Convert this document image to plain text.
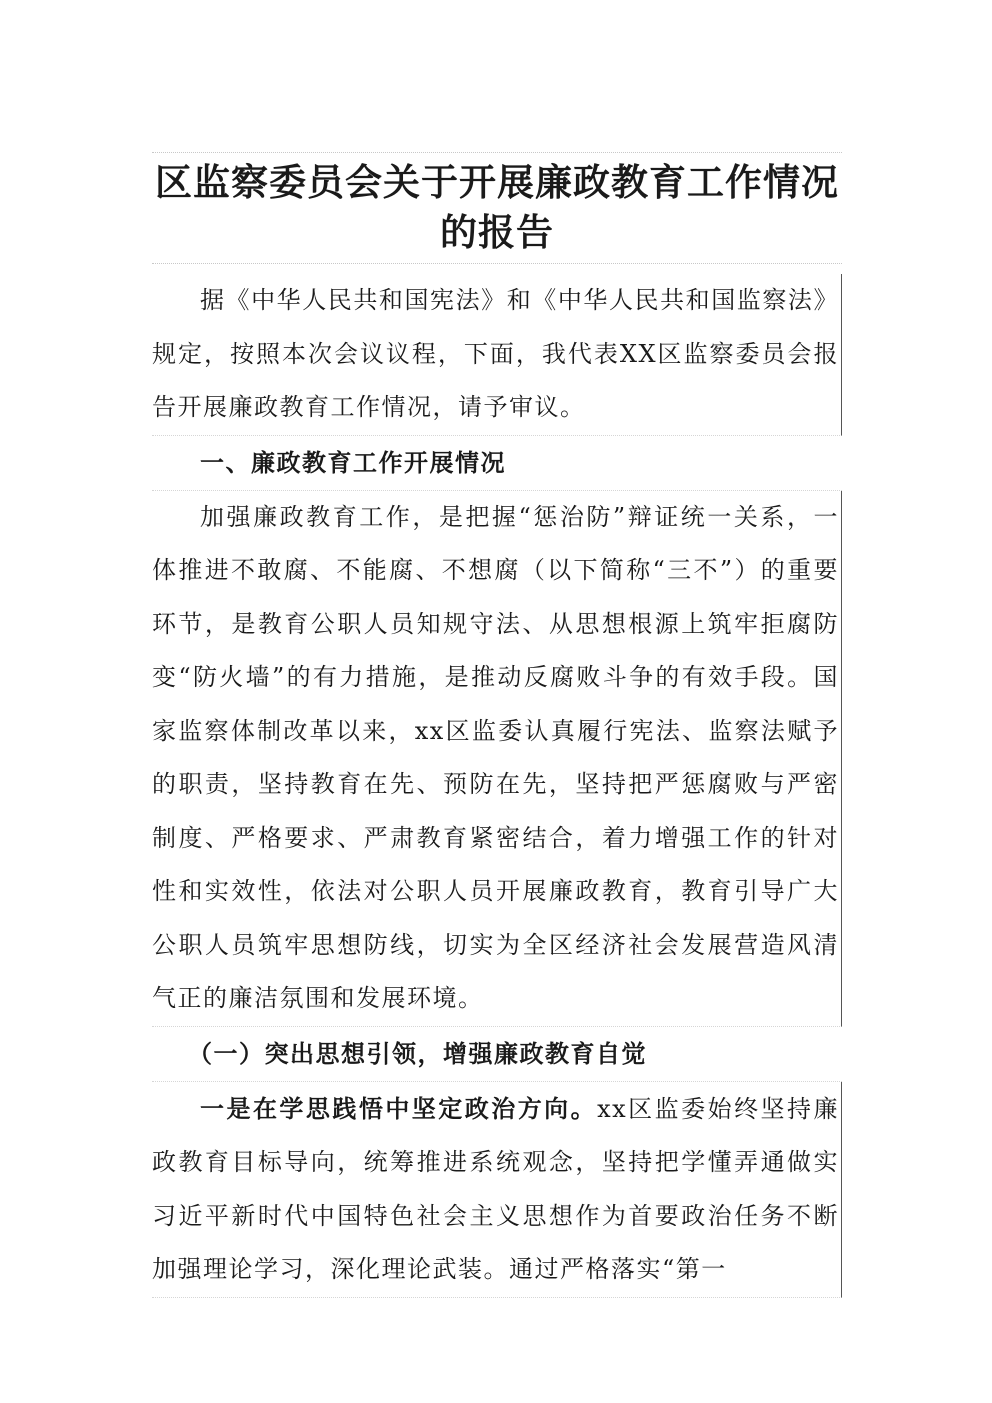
区监察委员会关于开展廉政教育工作情况
的报告

据《中华人民共和国宪法》和《中华人民共和国监察法》规定，按照本次会议议程，下面，我代表XX区监察委员会报告开展廉政教育工作情况，请予审议。

一、廉政教育工作开展情况

加强廉政教育工作，是把握“惩治防”辩证统一关系，一体推进不敢腐、不能腐、不想腐（以下简称“三不”）的重要环节，是教育公职人员知规守法、从思想根源上筑牢拒腐防变“防火墙”的有力措施，是推动反腐败斗争的有效手段。国家监察体制改革以来，xx区监委认真履行宪法、监察法赋予的职责，坚持教育在先、预防在先，坚持把严惩腐败与严密制度、严格要求、严肃教育紧密结合，着力增强工作的针对性和实效性，依法对公职人员开展廉政教育，教育引导广大公职人员筑牢思想防线，切实为全区经济社会发展营造风清气正的廉洁氛围和发展环境。

（一）突出思想引领，增强廉政教育自觉

一是在学思践悟中坚定政治方向。xx区监委始终坚持廉政教育目标导向，统筹推进系统观念，坚持把学懂弄通做实习近平新时代中国特色社会主义思想作为首要政治任务不断加强理论学习，深化理论武装。通过严格落实“第一
